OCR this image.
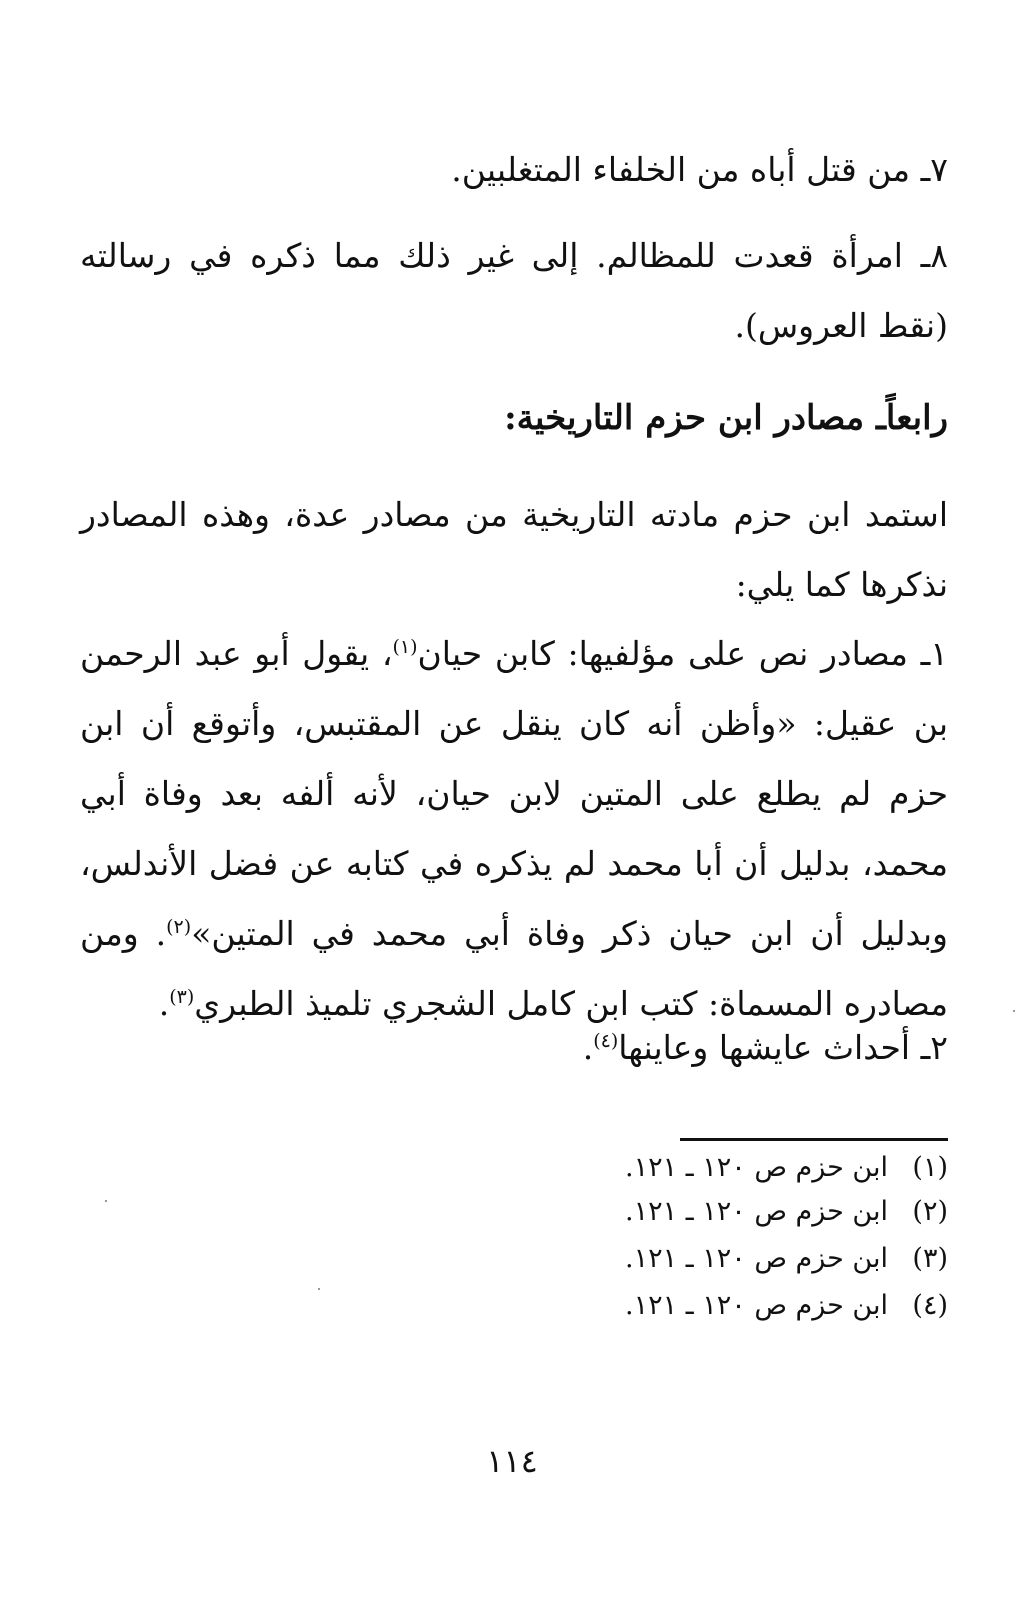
٧ـ من قتل أباه من الخلفاء المتغلبين.
٨ـ امرأة قعدت للمظالم. إلى غير ذلك مما ذكره في رسالته (نقط العروس).
رابعاًـ مصادر ابن حزم التاريخية:
استمد ابن حزم مادته التاريخية من مصادر عدة، وهذه المصادر نذكرها كما يلي:
١ـ مصادر نص على مؤلفيها: كابن حيان$^{(١)}$، يقول أبو عبد الرحمن بن عقيل: «وأظن أنه كان ينقل عن المقتبس، وأتوقع أن ابن حزم لم يطلع على المتين لابن حيان، لأنه ألفه بعد وفاة أبي محمد، بدليل أن أبا محمد لم يذكره في كتابه عن فضل الأندلس، وبدليل أن ابن حيان ذكر وفاة أبي محمد في المتين»$^{(٢)}$. ومن مصادره المسماة: كتب ابن كامل الشجري تلميذ الطبري$^{(٣)}$.
٢ـ أحداث عايشها وعاينها$^{(٤)}$.
(١)ابن حزم ص ١٢٠ ـ ١٢١.
(٢)ابن حزم ص ١٢٠ ـ ١٢١.
(٣)ابن حزم ص ١٢٠ ـ ١٢١.
(٤)ابن حزم ص ١٢٠ ـ ١٢١.
١١٤
